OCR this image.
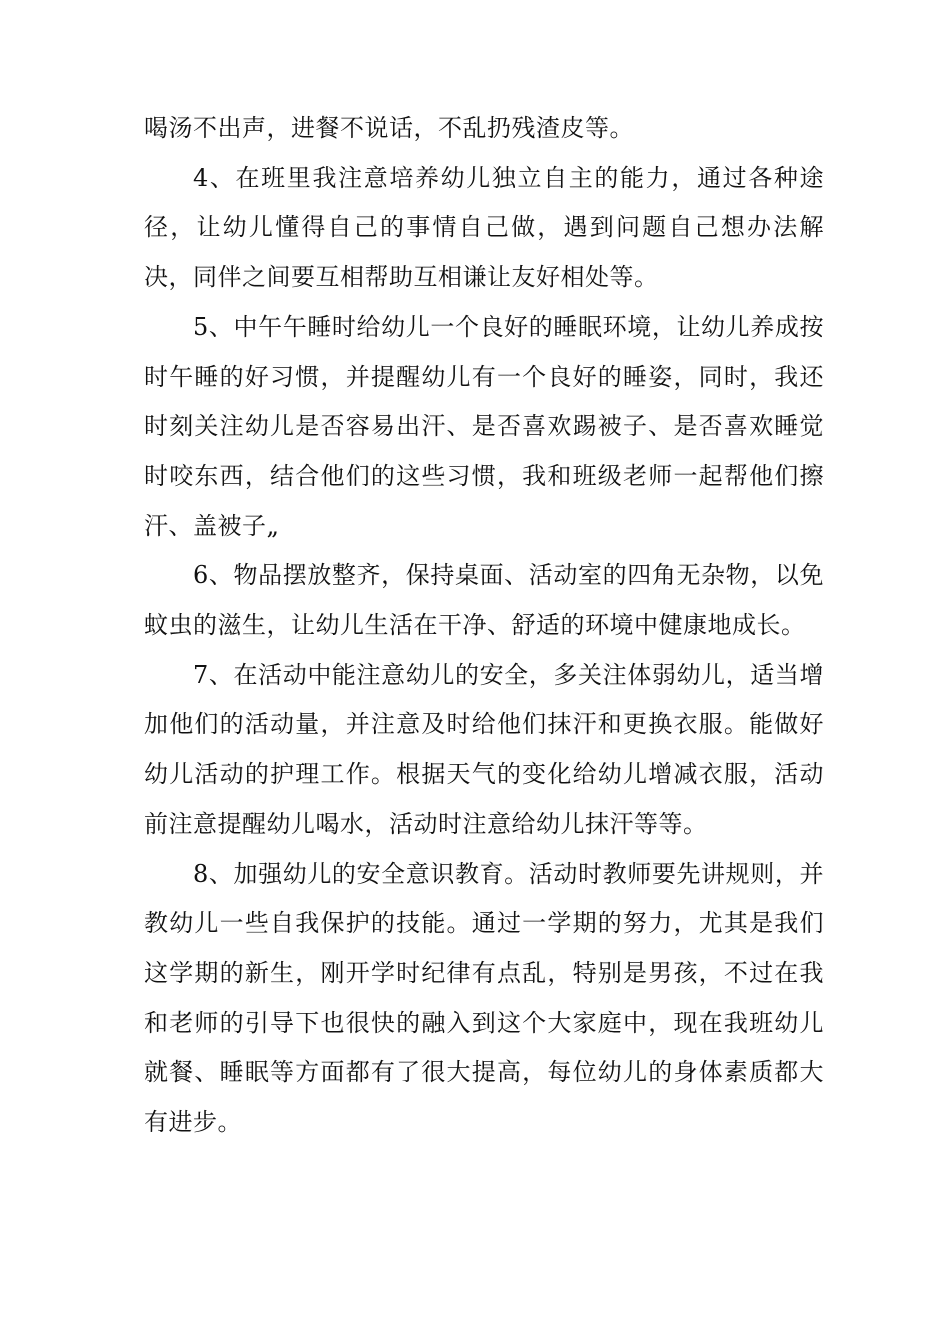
喝汤不出声，进餐不说话，不乱扔残渣皮等。

4、在班里我注意培养幼儿独立自主的能力，通过各种途径，让幼儿懂得自己的事情自己做，遇到问题自己想办法解决，同伴之间要互相帮助互相谦让友好相处等。

5、中午午睡时给幼儿一个良好的睡眠环境，让幼儿养成按时午睡的好习惯，并提醒幼儿有一个良好的睡姿，同时，我还时刻关注幼儿是否容易出汗、是否喜欢踢被子、是否喜欢睡觉时咬东西，结合他们的这些习惯，我和班级老师一起帮他们擦汗、盖被子„

6、物品摆放整齐，保持桌面、活动室的四角无杂物，以免蚊虫的滋生，让幼儿生活在干净、舒适的环境中健康地成长。

7、在活动中能注意幼儿的安全，多关注体弱幼儿，适当增加他们的活动量，并注意及时给他们抹汗和更换衣服。能做好幼儿活动的护理工作。根据天气的变化给幼儿增减衣服，活动前注意提醒幼儿喝水，活动时注意给幼儿抹汗等等。

8、加强幼儿的安全意识教育。活动时教师要先讲规则，并教幼儿一些自我保护的技能。通过一学期的努力，尤其是我们这学期的新生，刚开学时纪律有点乱，特别是男孩，不过在我和老师的引导下也很快的融入到这个大家庭中，现在我班幼儿就餐、睡眠等方面都有了很大提高，每位幼儿的身体素质都大有进步。
